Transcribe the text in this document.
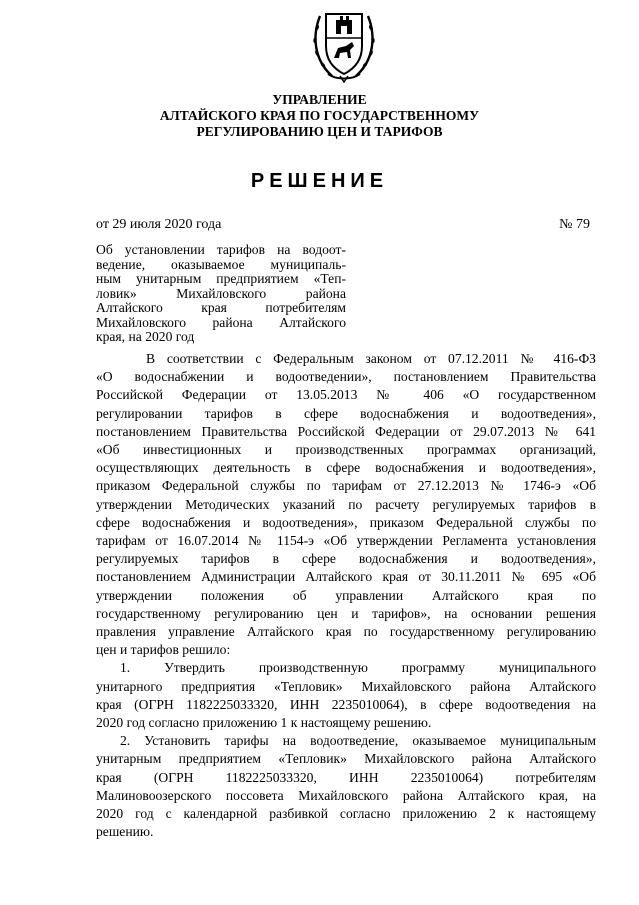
УПРАВЛЕНИЕ
АЛТАЙСКОГО КРАЯ ПО ГОСУДАРСТВЕННОМУ
РЕГУЛИРОВАНИЮ ЦЕН И ТАРИФОВ
РЕШЕНИЕ
от 29 июля 2020 года	№ 79
Об установлении тарифов на водоот-
ведение, оказываемое муниципаль-
ным унитарным предприятием «Теп-
ловик» Михайловского района
Алтайского края потребителям
Михайловского района Алтайского
края, на 2020 год
В соответствии с Федеральным законом от 07.12.2011 № 416-ФЗ
«О водоснабжении и водоотведении», постановлением Правительства
Российской Федерации от 13.05.2013 № 406 «О государственном
регулировании тарифов в сфере водоснабжения и водоотведения»,
постановлением Правительства Российской Федерации от 29.07.2013 № 641
«Об инвестиционных и производственных программах организаций,
осуществляющих деятельность в сфере водоснабжения и водоотведения»,
приказом Федеральной службы по тарифам от 27.12.2013 № 1746-э «Об
утверждении Методических указаний по расчету регулируемых тарифов в
сфере водоснабжения и водоотведения», приказом Федеральной службы по
тарифам от 16.07.2014 № 1154-э «Об утверждении Регламента установления
регулируемых тарифов в сфере водоснабжения и водоотведения»,
постановлением Администрации Алтайского края от 30.11.2011 № 695 «Об
утверждении положения об управлении Алтайского края по
государственному регулированию цен и тарифов», на основании решения
правления управление Алтайского края по государственному регулированию
цен и тарифов решило:
1. Утвердить производственную программу муниципального
унитарного предприятия «Тепловик» Михайловского района Алтайского
края (ОГРН 1182225033320, ИНН 2235010064), в сфере водоотведения на
2020 год согласно приложению 1 к настоящему решению.
2. Установить тарифы на водоотведение, оказываемое муниципальным
унитарным предприятием «Тепловик» Михайловского района Алтайского
края (ОГРН 1182225033320, ИНН 2235010064) потребителям
Малиновоозерского поссовета Михайловского района Алтайского края, на
2020 год с календарной разбивкой согласно приложению 2 к настоящему
решению.
